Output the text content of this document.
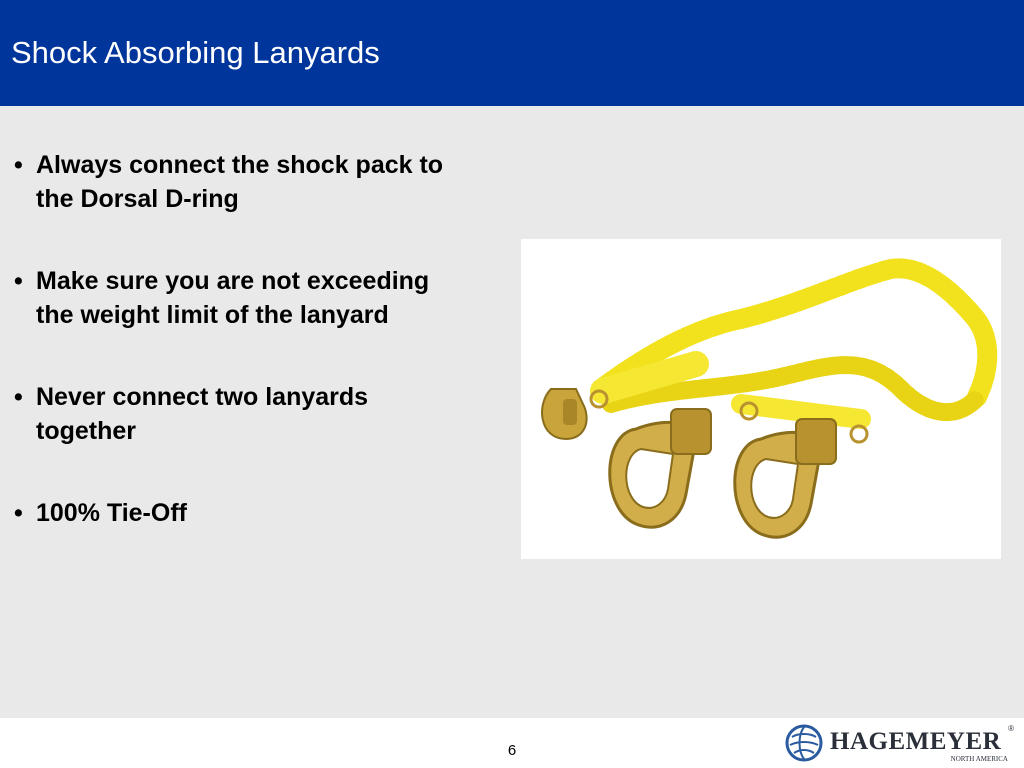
Shock Absorbing Lanyards
• Always connect the shock pack to the Dorsal D-ring
• Make sure you are not exceeding the weight limit of the lanyard
• Never connect two lanyards together
• 100% Tie-Off
6	HAGEMEYER
NORTH AMERICA
®
